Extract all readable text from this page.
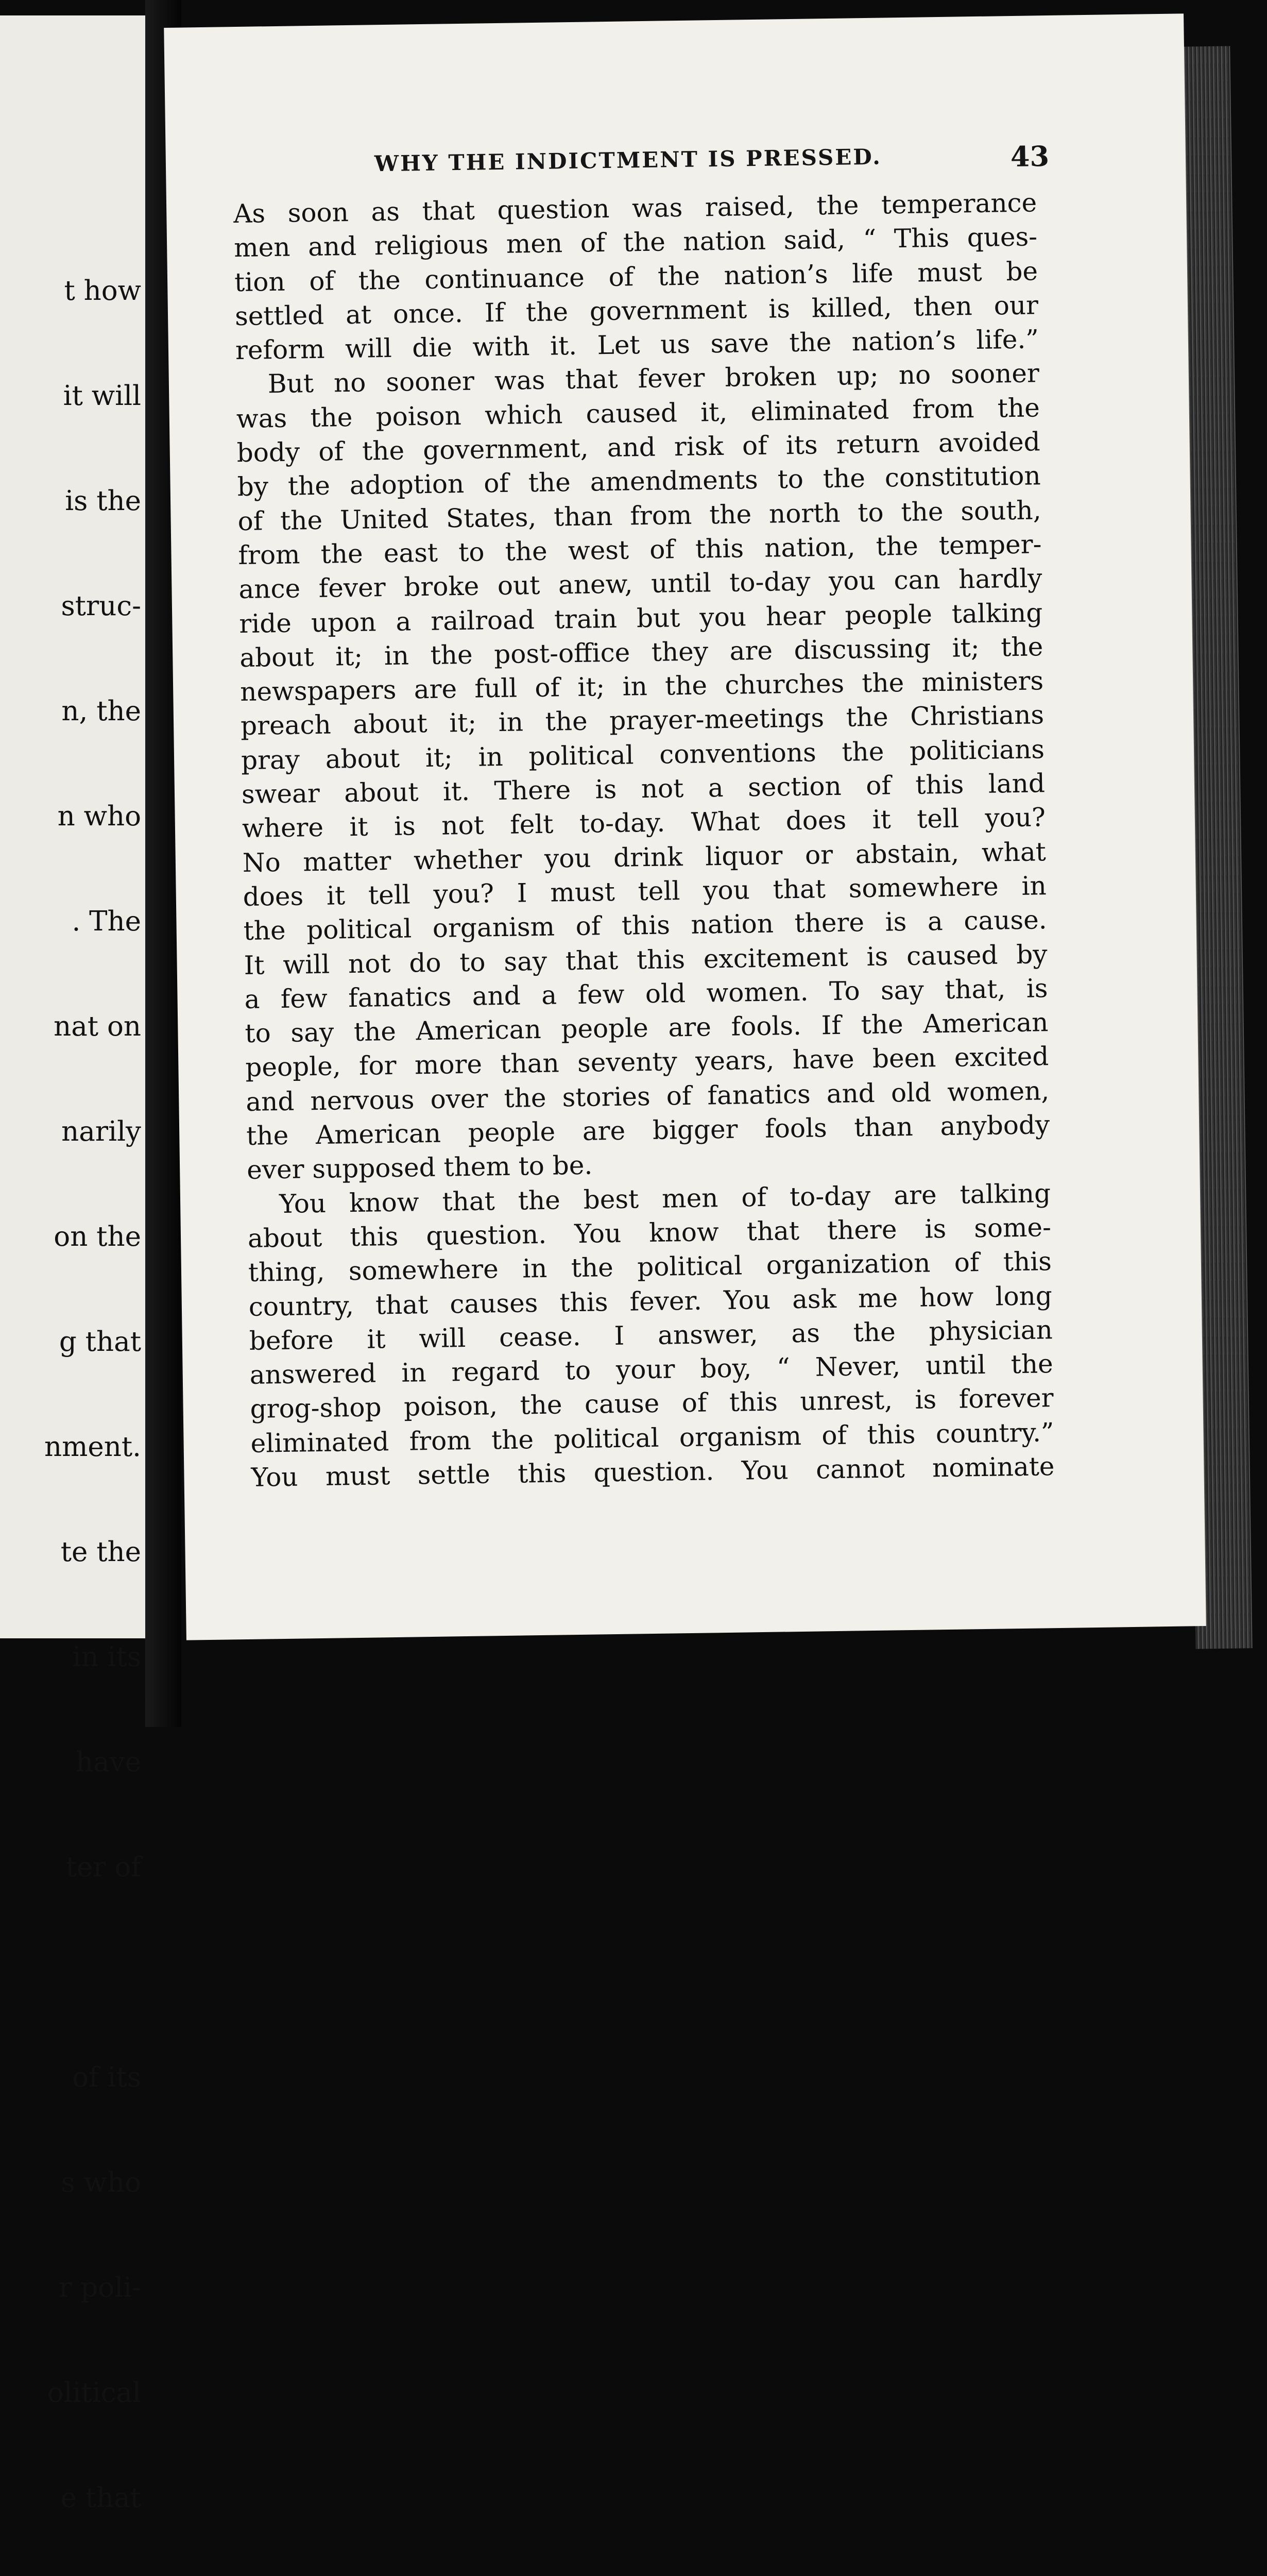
t how

it will

is the

struc-

n, the

n who

. The

nat on

narily

on the

g that

nment.

te the

in its

have

ter of

of its

s who

r poli-

olitical

e that

WHY THE INDICTMENT IS PRESSED.	43
As soon as that question was raised, the temperance
men and religious men of the nation said, “ This ques-
tion of the continuance of the nation’s life must be
settled at once. If the government is killed, then our
reform will die with it. Let us save the nation’s life.”
But no sooner was that fever broken up; no sooner
was the poison which caused it, eliminated from the
body of the government, and risk of its return avoided
by the adoption of the amendments to the constitution
of the United States, than from the north to the south,
from the east to the west of this nation, the temper-
ance fever broke out anew, until to-day you can hardly
ride upon a railroad train but you hear people talking
about it; in the post-office they are discussing it; the
newspapers are full of it; in the churches the ministers
preach about it; in the prayer-meetings the Christians
pray about it; in political conventions the politicians
swear about it. There is not a section of this land
where it is not felt to-day. What does it tell you?
No matter whether you drink liquor or abstain, what
does it tell you? I must tell you that somewhere in
the political organism of this nation there is a cause.
It will not do to say that this excitement is caused by
a few fanatics and a few old women. To say that, is
to say the American people are fools. If the American
people, for more than seventy years, have been excited
and nervous over the stories of fanatics and old women,
the American people are bigger fools than anybody
ever supposed them to be.
You know that the best men of to-day are talking
about this question. You know that there is some-
thing, somewhere in the political organization of this
country, that causes this fever. You ask me how long
before it will cease. I answer, as the physician
answered in regard to your boy, “ Never, until the
grog-shop poison, the cause of this unrest, is forever
eliminated from the political organism of this country.”
You must settle this question. You cannot nominate
